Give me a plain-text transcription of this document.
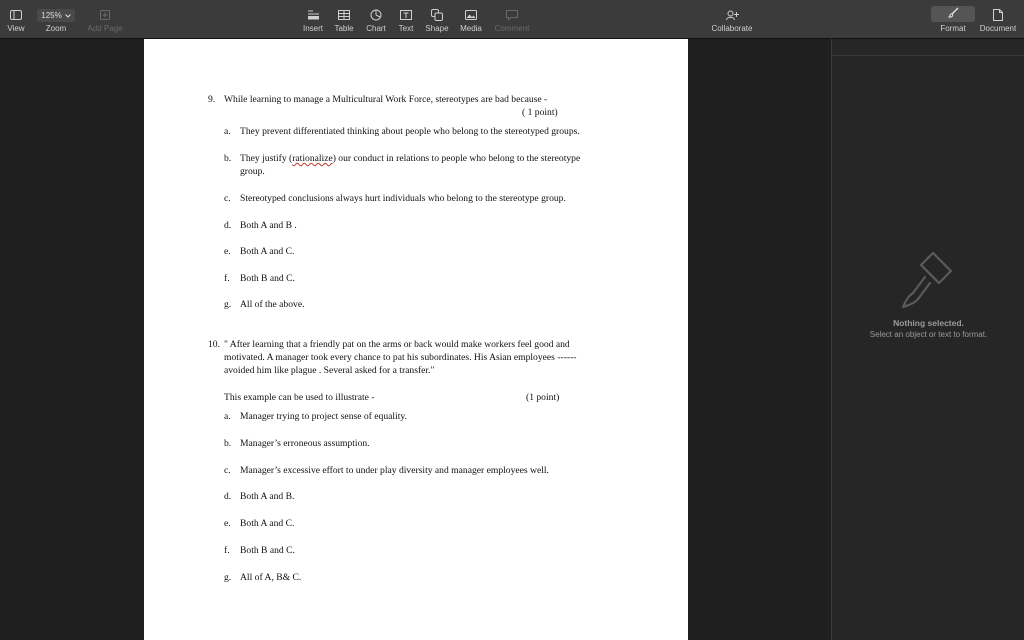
View
125%
Zoom	Add Page	Insert Table Chart Text Shape Media Comment	Collaborate	Format Document
9. While learning to manage a Multicultural Work Force, stereotypes are bad because -
( 1 point)
a. They prevent differentiated thinking about people who belong to the stereotyped groups.
b. They justify (rationalize) our conduct in relations to people who belong to the stereotype
group.
c. Stereotyped conclusions always hurt individuals who belong to the stereotype group.
d. Both A and B .
e. Both A and C.
f. Both B and C.
g. All of the above.
10. " After learning that a friendly pat on the arms or back would make workers feel good and
motivated. A manager took every chance to pat his subordinates. His Asian employees ------
avoided him like plague . Several asked for a transfer."
This example can be used to illustrate -	(1 point)
a. Manager trying to project sense of equality.
b. Manager’s erroneous assumption.
c. Manager’s excessive effort to under play diversity and manager employees well.
d. Both A and B.
e. Both A and C.
f. Both B and C.
g. All of A, B& C.
Nothing selected.
Select an object or text to format.
